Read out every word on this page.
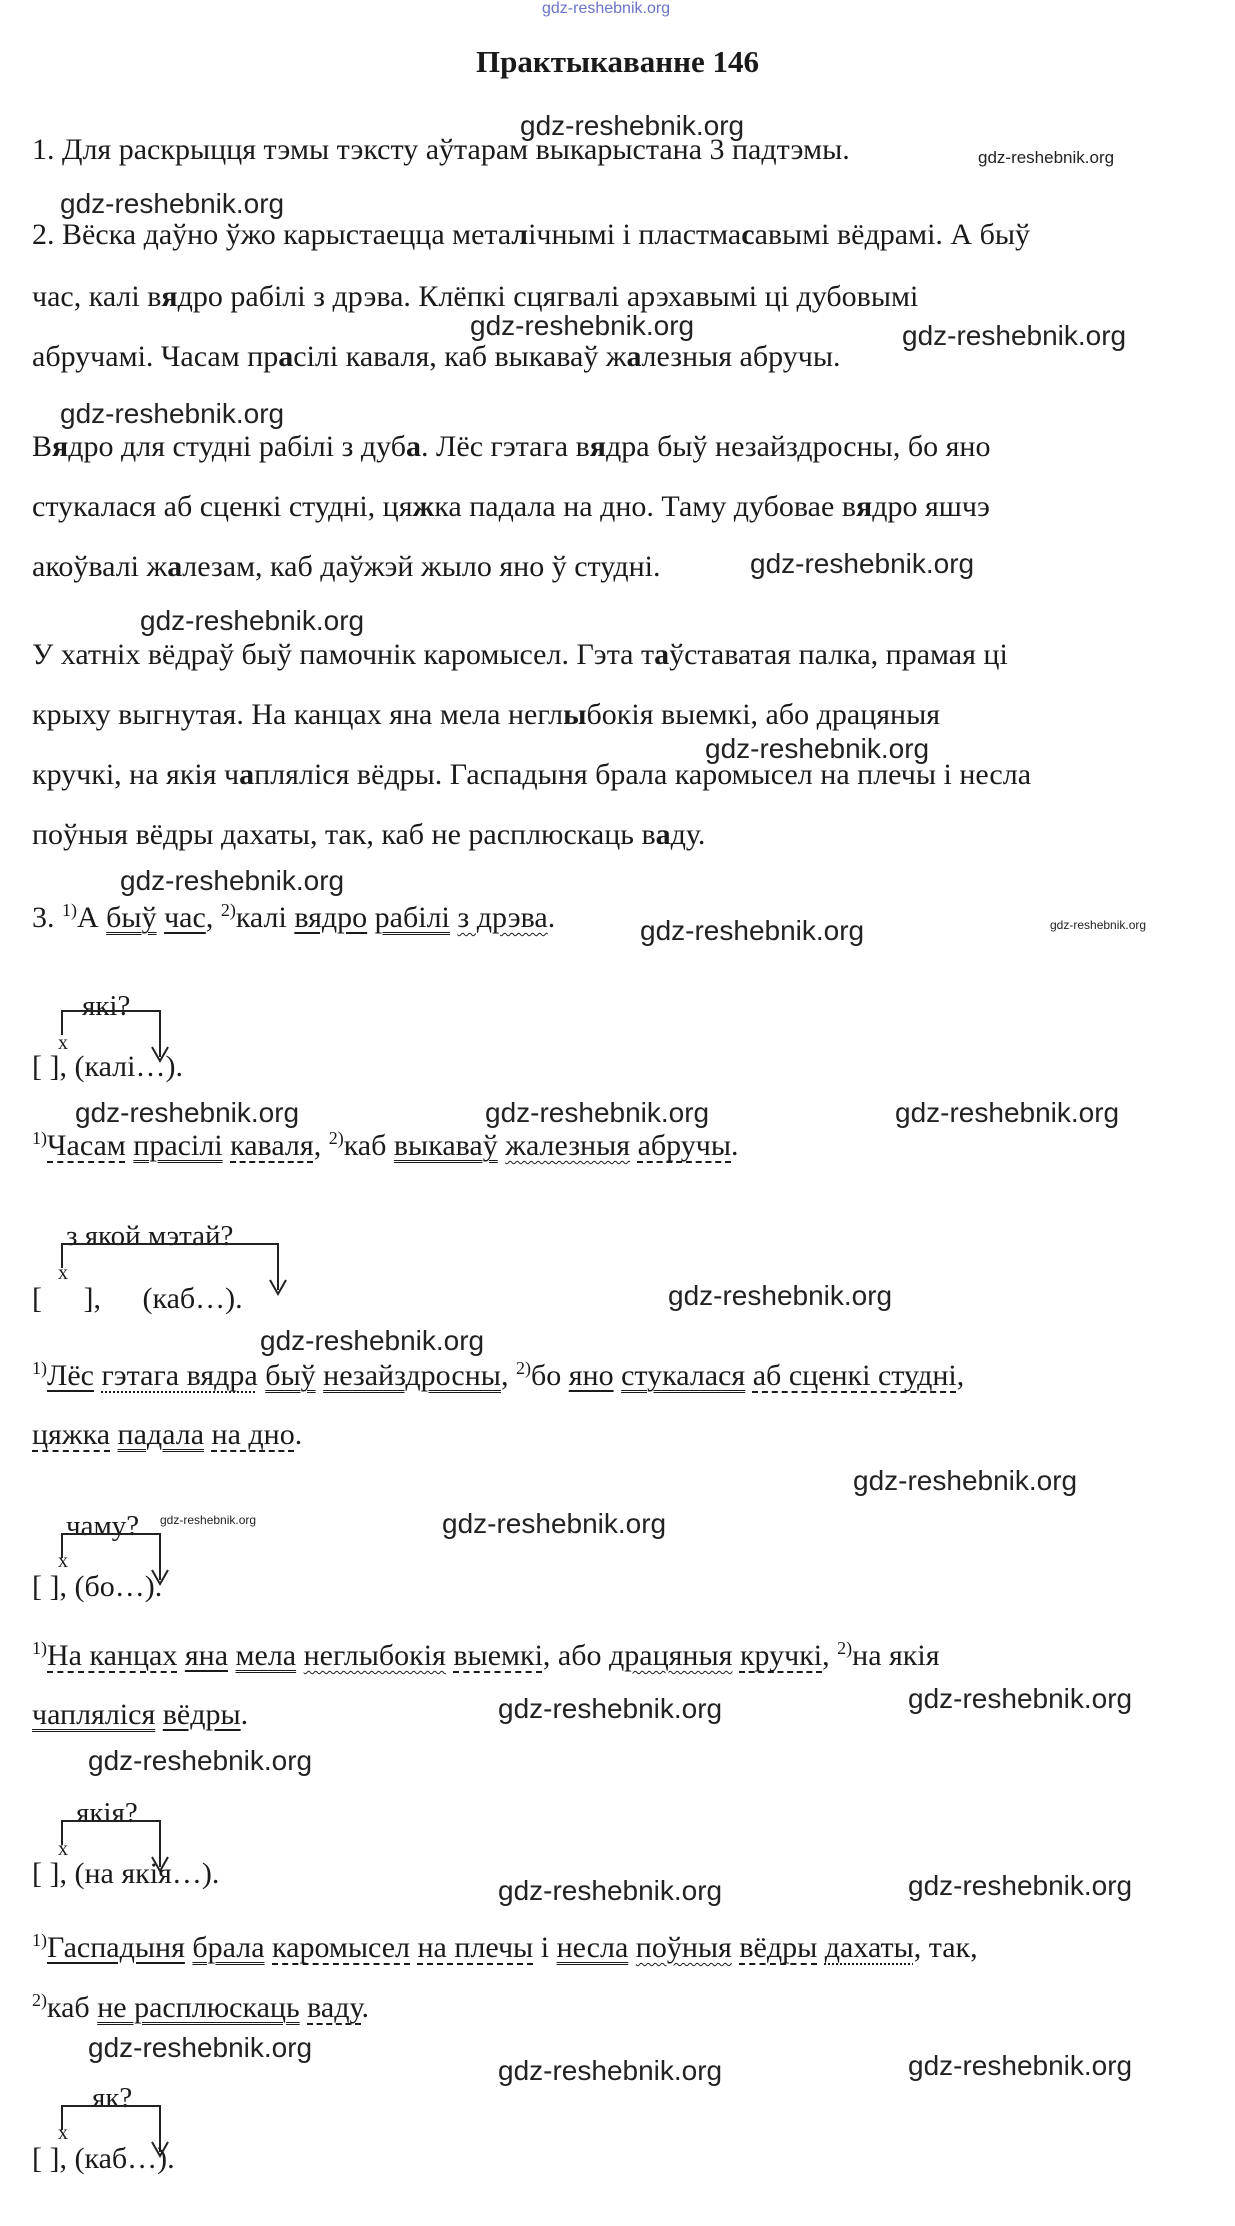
gdz-reshebnik.org
Практыкаванне 146
gdz-reshebnik.org
gdz-reshebnik.org
gdz-reshebnik.org
gdz-reshebnik.org	gdz-reshebnik.org
gdz-reshebnik.org
gdz-reshebnik.org
gdz-reshebnik.org
gdz-reshebnik.org
gdz-reshebnik.org
gdz-reshebnik.org	gdz-reshebnik.org
gdz-reshebnik.org	gdz-reshebnik.org	gdz-reshebnik.org
gdz-reshebnik.org
gdz-reshebnik.org
gdz-reshebnik.org
gdz-reshebnik.org	gdz-reshebnik.org
gdz-reshebnik.org	gdz-reshebnik.org
gdz-reshebnik.org
gdz-reshebnik.org	gdz-reshebnik.org
gdz-reshebnik.org
gdz-reshebnik.org	gdz-reshebnik.org
1. Для раскрыцця тэмы тэксту аўтарам выкарыстана 3 падтэмы.
2. Вёска даўно ўжо карыстаецца металічнымі і пластмасавымі вёдрамі. А быў
час, калі вядро рабілі з дрэва. Клёпкі сцягвалі арэхавымі ці дубовымі
абручамі. Часам прасілі каваля, каб выкаваў жалезныя абручы.
Вядро для студні рабілі з дуба. Лёс гэтага вядра быў незайздросны, бо яно
стукалася аб сценкі студні, цяжка падала на дно. Таму дубовае вядро яшчэ
акоўвалі жалезам, каб даўжэй жыло яно ў студні.
У хатніх вёдраў быў памочнік каромысел. Гэта таўставатая палка, прамая ці
крыху выгнутая. На канцах яна мела неглыбокія выемкі, або драцяныя
кручкі, на якія чапляліся вёдры. Гаспадыня брала каромысел на плечы і несла
поўныя вёдры дахаты, так, каб не расплюскаць ваду.
3. $^{1)}$А быў час, $^{2)}$калі вядро рабілі з дрэва.
$^{1)}$Часам прасілі каваля, $^{2)}$каб выкаваў жалезныя абручы.
$^{1)}$Лёс гэтага вядра быў незайздросны, $^{2)}$бо яно стукалася аб сценкі студні,
цяжка падала на дно.
$^{1)}$На канцах яна мела неглыбокія выемкі, або драцяныя кручкі, $^{2)}$на якія
чапляліся вёдры.
$^{1)}$Гаспадыня брала каромысел на плечы і несла поўныя вёдры дахаты, так,
$^{2)}$каб не расплюскаць ваду.
які?
х
[ ], (калі…).
з якой мэтай?
х
[ ], (каб…).
чаму?
х
[ ], (бо…).
якія?
х
[ ], (на якія…).
як?
х
[ ], (каб…).
